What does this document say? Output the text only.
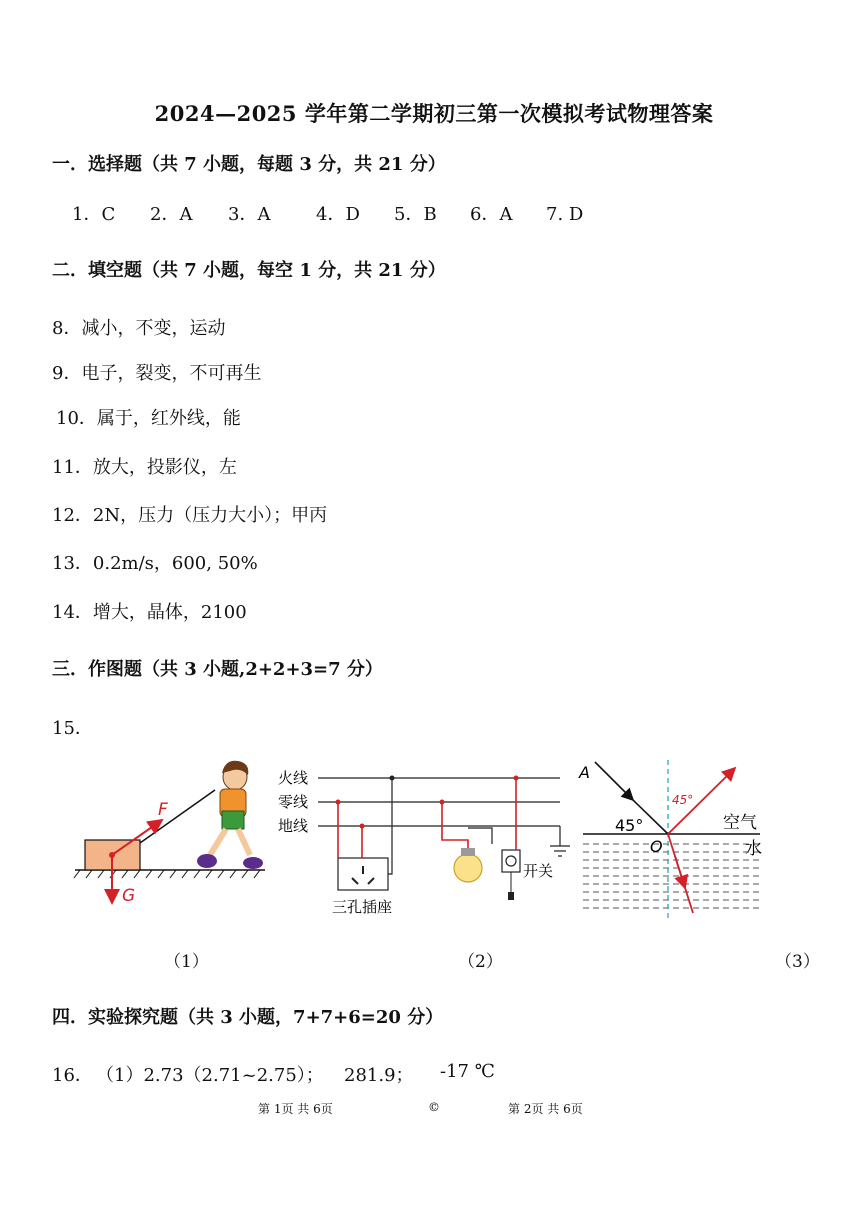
2024—2025 学年第二学期初三第一次模拟考试物理答案
一．选择题（共 7 小题，每题 3 分，共 21 分）
1．C 2．A 3．A	4．D 5．B 6．A 7. D
二．填空题（共 7 小题，每空 1 分，共 21 分）
8．减小，不变，运动
9．电子，裂变，不可再生
10．属于，红外线，能
11．放大，投影仪，左
12．2N，压力（压力大小）；甲丙
13．0.2m/s，600, 50%
14．增大，晶体，2100
三．作图题（共 3 小题,2+2+3=7 分）
15．
F
G
（1）
火线
零线
地线
三孔插座
开关
（2）
A
O
45°
45°
空气
水
（3）
四．实验探究题（共 3 小题，7+7+6=20 分）
16． （1）2.73（2.71~2.75）； 281.9； -17 ℃
第 1页 共 6页	©	第 2页 共 6页
